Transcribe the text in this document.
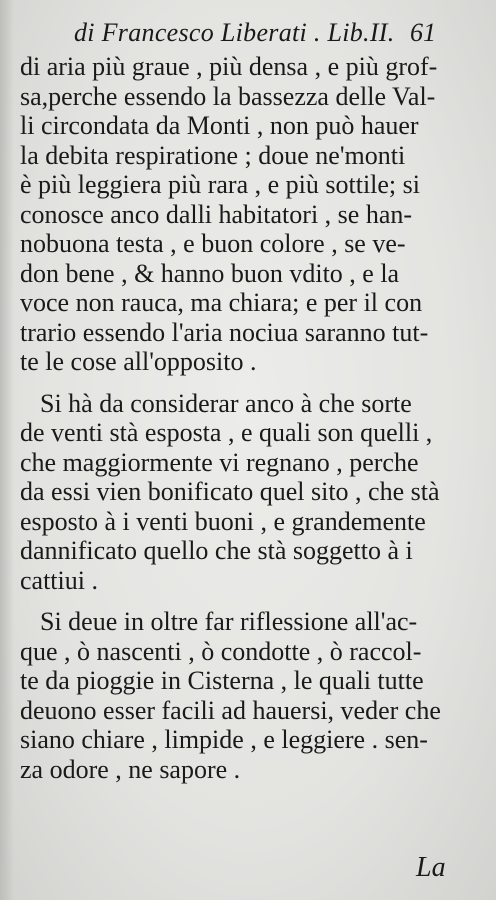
di Francesco Liberati . Lib.II. 61
di aria più graue , più densa , e più grof-
sa,perche essendo la bassezza delle Val-
li circondata da Monti , non può hauer
la debita respiratione ; doue ne'monti
è più leggiera più rara , e più sottile; si
conosce anco dalli habitatori , se han-
nobuona testa , e buon colore , se ve-
don bene , & hanno buon vdito , e la
voce non rauca, ma chiara; e per il con
trario essendo l'aria nociua saranno tut-
te le cose all'opposito .
Si hà da considerar anco à che sorte
de venti stà esposta , e quali son quelli ,
che maggiormente vi regnano , perche
da essi vien bonificato quel sito , che stà
esposto à i venti buoni , e grandemente
dannificato quello che stà soggetto à i
cattiui .
Si deue in oltre far riflessione all'ac-
que , ò nascenti , ò condotte , ò raccol-
te da pioggie in Cisterna , le quali tutte
deuono esser facili ad hauersi, veder che
siano chiare , limpide , e leggiere . sen-
za odore , ne sapore .
La
